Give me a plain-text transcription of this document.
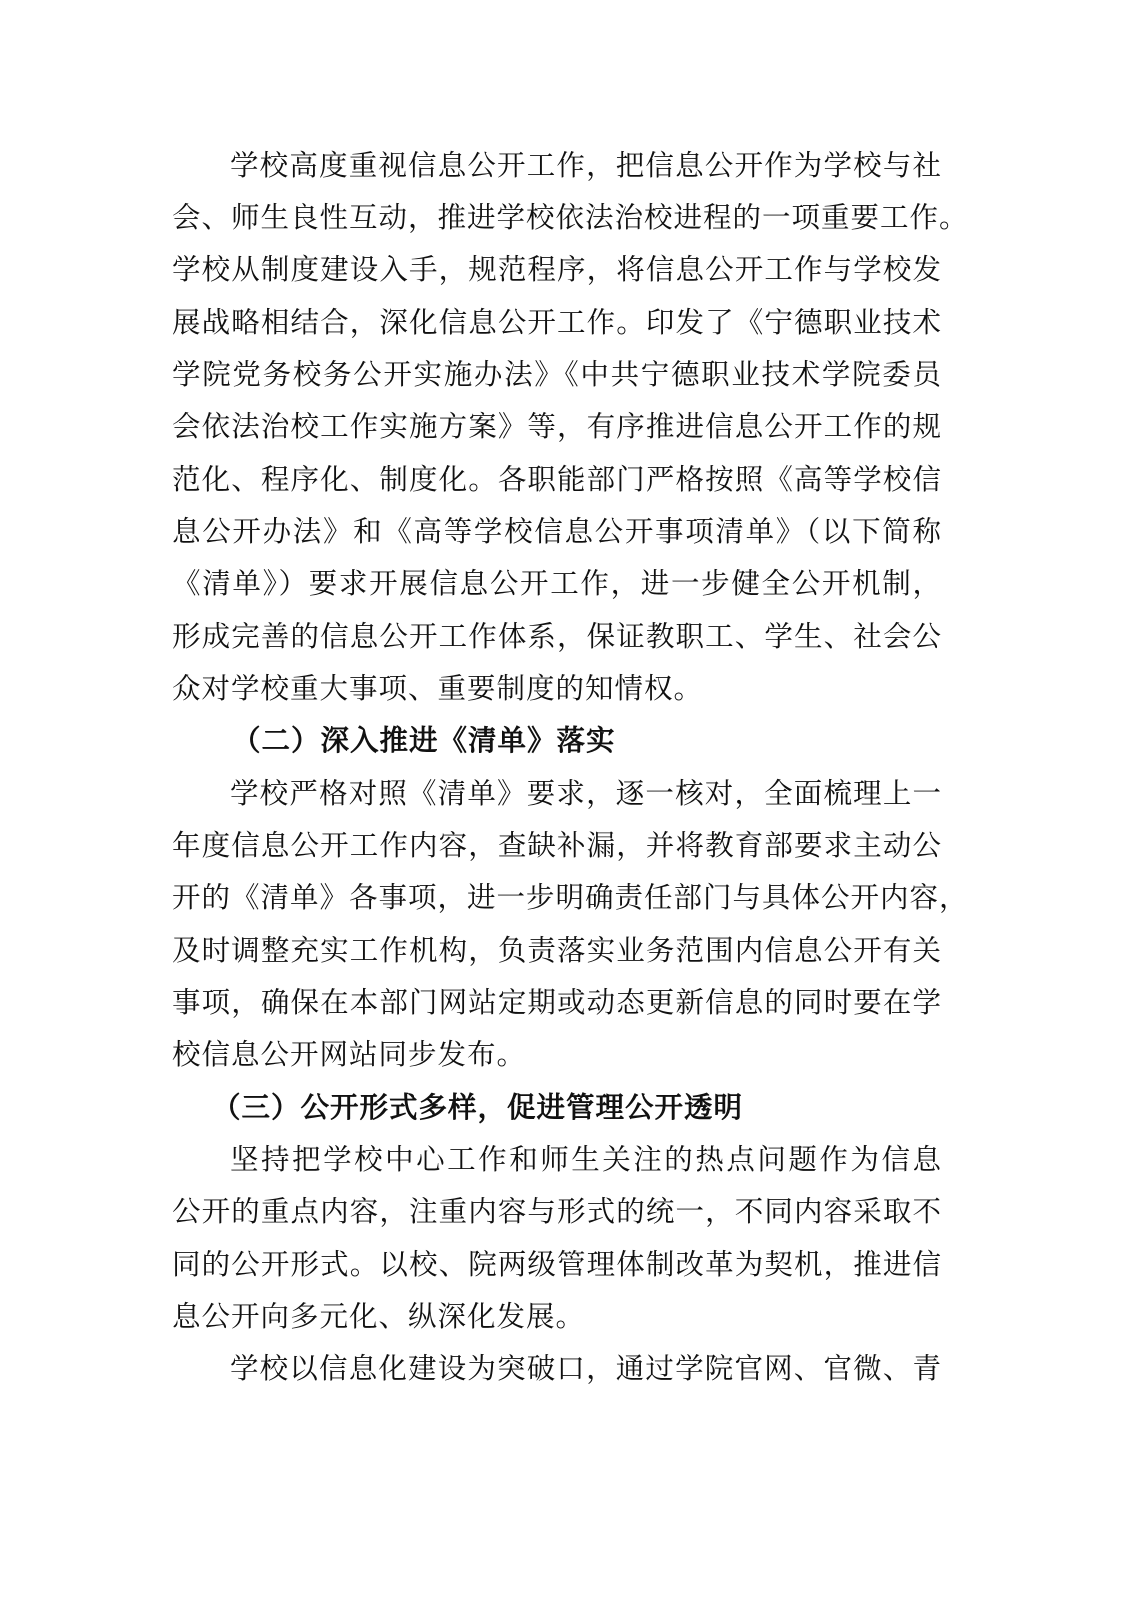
学校高度重视信息公开工作，把信息公开作为学校与社
会、师生良性互动，推进学校依法治校进程的一项重要工作。
学校从制度建设入手，规范程序，将信息公开工作与学校发
展战略相结合，深化信息公开工作。印发了《宁德职业技术
学院党务校务公开实施办法》《中共宁德职业技术学院委员
会依法治校工作实施方案》等，有序推进信息公开工作的规
范化、程序化、制度化。各职能部门严格按照《高等学校信
息公开办法》和《高等学校信息公开事项清单》（以下简称
《清单》）要求开展信息公开工作，进一步健全公开机制，
形成完善的信息公开工作体系，保证教职工、学生、社会公
众对学校重大事项、重要制度的知情权。
（二）深入推进《清单》落实
学校严格对照《清单》要求，逐一核对，全面梳理上一
年度信息公开工作内容，查缺补漏，并将教育部要求主动公
开的《清单》各事项，进一步明确责任部门与具体公开内容，
及时调整充实工作机构，负责落实业务范围内信息公开有关
事项，确保在本部门网站定期或动态更新信息的同时要在学
校信息公开网站同步发布。
（三）公开形式多样，促进管理公开透明
坚持把学校中心工作和师生关注的热点问题作为信息
公开的重点内容，注重内容与形式的统一，不同内容采取不
同的公开形式。以校、院两级管理体制改革为契机，推进信
息公开向多元化、纵深化发展。
学校以信息化建设为突破口，通过学院官网、官微、青
